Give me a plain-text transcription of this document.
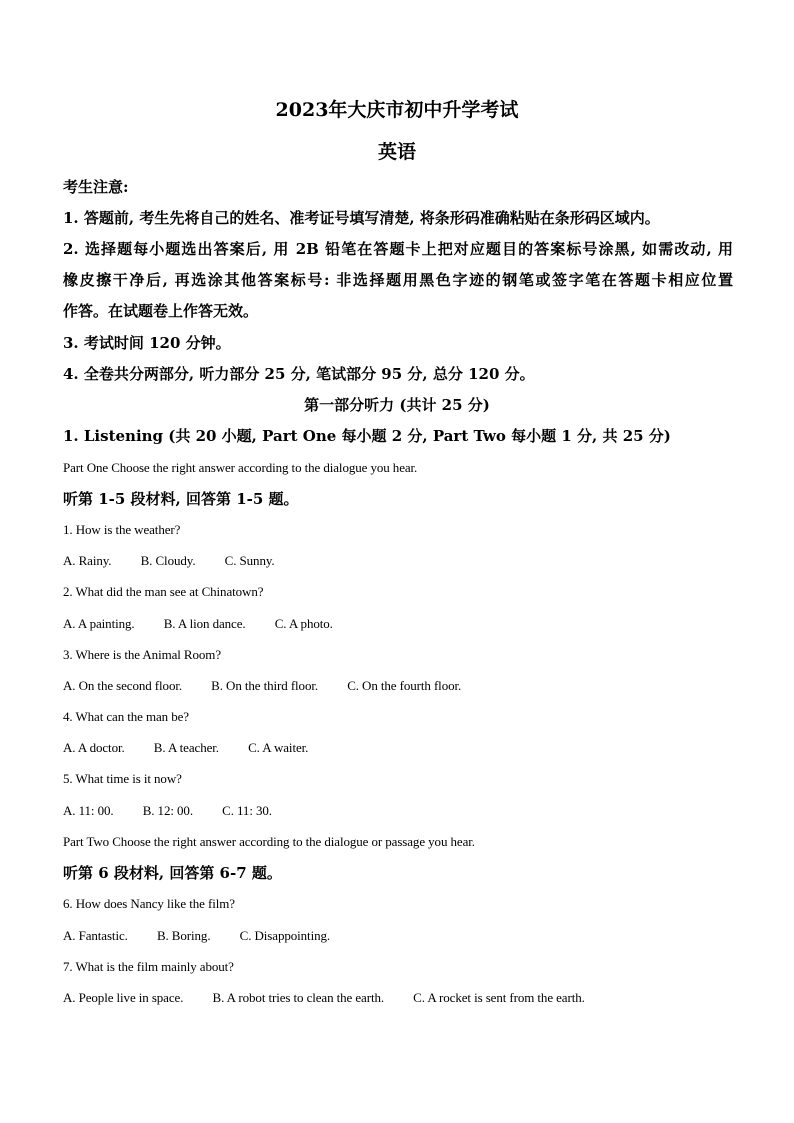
2023年大庆市初中升学考试
英语
考生注意:
1. 答题前, 考生先将自己的姓名、准考证号填写清楚, 将条形码准确粘贴在条形码区域内。
2. 选择题每小题选出答案后, 用 2B 铅笔在答题卡上把对应题目的答案标号涂黑, 如需改动, 用
橡皮擦干净后, 再选涂其他答案标号: 非选择题用黑色字迹的钢笔或签字笔在答题卡相应位置
作答。在试题卷上作答无效。
3. 考试时间 120 分钟。
4. 全卷共分两部分, 听力部分 25 分, 笔试部分 95 分, 总分 120 分。
第一部分听力 (共计 25 分)
1. Listening (共 20 小题, Part One 每小题 2 分, Part Two 每小题 1 分, 共 25 分)
Part One Choose the right answer according to the dialogue you hear.
听第 1-5 段材料, 回答第 1-5 题。
1. How is the weather?
A. Rainy. B. Cloudy. C. Sunny.
2. What did the man see at Chinatown?
A. A painting. B. A lion dance. C. A photo.
3. Where is the Animal Room?
A. On the second floor. B. On the third floor. C. On the fourth floor.
4. What can the man be?
A. A doctor. B. A teacher. C. A waiter.
5. What time is it now?
A. 11: 00. B. 12: 00. C. 11: 30.
Part Two Choose the right answer according to the dialogue or passage you hear.
听第 6 段材料, 回答第 6-7 题。
6. How does Nancy like the film?
A. Fantastic. B. Boring. C. Disappointing.
7. What is the film mainly about?
A. People live in space. B. A robot tries to clean the earth. C. A rocket is sent from the earth.
